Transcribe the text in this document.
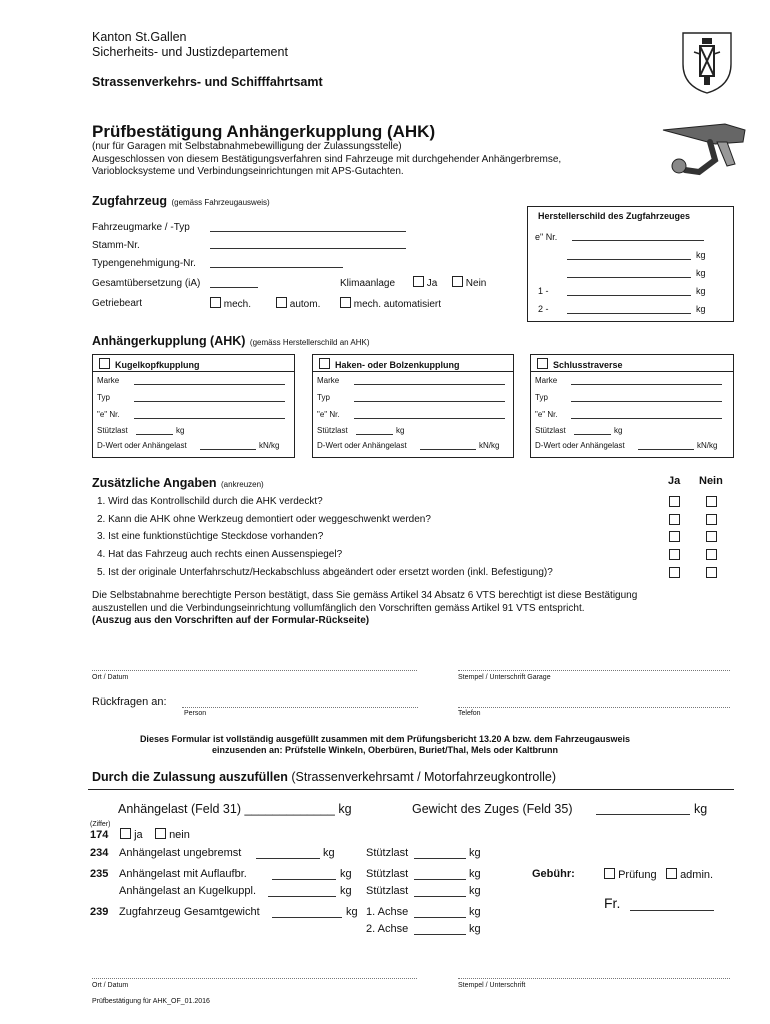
Kanton St.Gallen
Sicherheits- und Justizdepartement
Strassenverkehrs- und Schifffahrtsamt
Prüfbestätigung Anhängerkupplung (AHK)
(nur für Garagen mit Selbstabnahmebewilligung der Zulassungsstelle)
Ausgeschlossen von diesem Bestätigungsverfahren sind Fahrzeuge mit durchgehender Anhängerbremse,
Varioblocksysteme und Verbindungseinrichtungen mit APS-Gutachten.
Zugfahrzeug (gemäss Fahrzeugausweis)
Fahrzeugmarke / -Typ
Stamm-Nr.
Typengenehmigung-Nr.
Gesamtübersetzung (iA)	Klimaanlage	Ja	Nein
Getriebeart	mech.	autom.	mech. automatisiert
Herstellerschild des Zugfahrzeuges
e" Nr.
kg
kg
1 -	kg
2 -	kg
Anhängerkupplung (AHK) (gemäss Herstellerschild an AHK)
Kugelkopfkupplung
Marke
Typ
"e" Nr.
Stützlast	kg
D-Wert oder Anhängelast	kN/kg
Haken- oder Bolzenkupplung
Marke
Typ
"e" Nr.
Stützlast	kg
D-Wert oder Anhängelast	kN/kg
Schlusstraverse
Marke
Typ
"e" Nr.
Stützlast	kg
D-Wert oder Anhängelast	kN/kg
Zusätzliche Angaben (ankreuzen)	Ja Nein
1. Wird das Kontrollschild durch die AHK verdeckt?
2. Kann die AHK ohne Werkzeug demontiert oder weggeschwenkt werden?
3. Ist eine funktionstüchtige Steckdose vorhanden?
4. Hat das Fahrzeug auch rechts einen Aussenspiegel?
5. Ist der originale Unterfahrschutz/Heckabschluss abgeändert oder ersetzt worden (inkl. Befestigung)?
Die Selbstabnahme berechtigte Person bestätigt, dass Sie gemäss Artikel 34 Absatz 6 VTS berechtigt ist diese Bestätigung
auszustellen und die Verbindungseinrichtung vollumfänglich den Vorschriften gemäss Artikel 91 VTS entspricht.
(Auszug aus den Vorschriften auf der Formular-Rückseite)
Ort / Datum	Stempel / Unterschrift Garage
Rückfragen an:
Person	Telefon
Dieses Formular ist vollständig ausgefüllt zusammen mit dem Prüfungsbericht 13.20 A bzw. dem Fahrzeugausweis
einzusenden an: Prüfstelle Winkeln, Oberbüren, Buriet/Thal, Mels oder Kaltbrunn
Durch die Zulassung auszufüllen (Strassenverkehrsamt / Motorfahrzeugkontrolle)
Anhängelast (Feld 31) _____________ kg	Gewicht des Zuges (Feld 35)	kg
(Ziffer)
174	ja	nein
234 Anhängelast ungebremst	kg	Stützlast	kg
235 Anhängelast mit Auflaufbr.	kg Stützlast	kg	Gebühr:	Prüfung	admin.
Anhängelast an Kugelkuppl.	kg Stützlast	kg
Fr.
239 Zugfahrzeug Gesamtgewicht	kg 1. Achse	kg
2. Achse	kg
Ort / Datum	Stempel / Unterschrift
Prüfbestätigung für AHK_OF_01.2016
